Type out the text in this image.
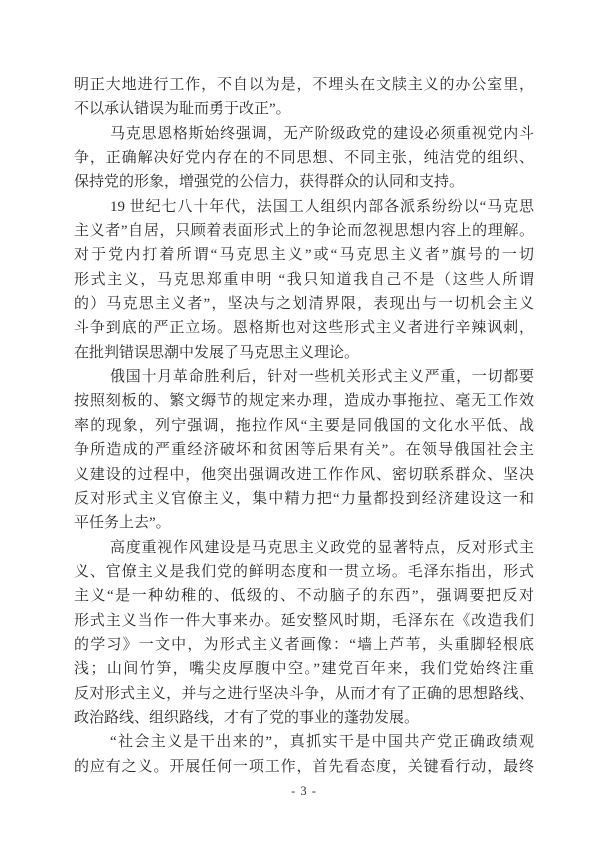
明正大地进行工作，不自以为是，不埋头在文牍主义的办公室里，
不以承认错误为耻而勇于改正”。

马克思恩格斯始终强调，无产阶级政党的建设必须重视党内斗
争，正确解决好党内存在的不同思想、不同主张，纯洁党的组织、
保持党的形象，增强党的公信力，获得群众的认同和支持。

19 世纪七八十年代，法国工人组织内部各派系纷纷以“马克思
主义者”自居，只顾着表面形式上的争论而忽视思想内容上的理解。
对于党内打着所谓“马克思主义”或“马克思主义者”旗号的一切
形式主义，马克思郑重申明 “我只知道我自己不是（这些人所谓
的）马克思主义者”，坚决与之划清界限，表现出与一切机会主义
斗争到底的严正立场。恩格斯也对这些形式主义者进行辛辣讽刺，
在批判错误思潮中发展了马克思主义理论。

俄国十月革命胜利后，针对一些机关形式主义严重，一切都要
按照刻板的、繁文缛节的规定来办理，造成办事拖拉、毫无工作效
率的现象，列宁强调，拖拉作风“主要是同俄国的文化水平低、战
争所造成的严重经济破坏和贫困等后果有关”。在领导俄国社会主
义建设的过程中，他突出强调改进工作作风、密切联系群众、坚决
反对形式主义官僚主义，集中精力把“力量都投到经济建设这一和
平任务上去”。

高度重视作风建设是马克思主义政党的显著特点，反对形式主
义、官僚主义是我们党的鲜明态度和一贯立场。毛泽东指出，形式
主义“是一种幼稚的、低级的、不动脑子的东西”，强调要把反对
形式主义当作一件大事来办。延安整风时期，毛泽东在《改造我们
的学习》一文中，为形式主义者画像：“墙上芦苇，头重脚轻根底
浅；山间竹笋，嘴尖皮厚腹中空。”建党百年来，我们党始终注重
反对形式主义，并与之进行坚决斗争，从而才有了正确的思想路线、
政治路线、组织路线，才有了党的事业的蓬勃发展。

“社会主义是干出来的”，真抓实干是中国共产党正确政绩观
的应有之义。开展任何一项工作，首先看态度，关键看行动，最终

- 3 -
